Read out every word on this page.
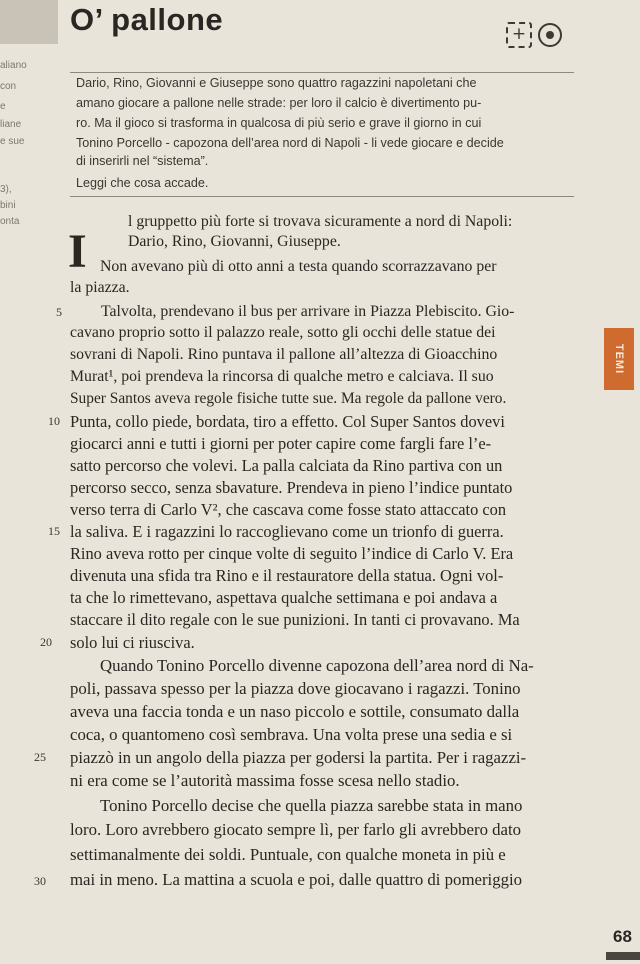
O’ pallone	+
aliano
con
e
liane
e sue
3),
bini
onta
Dario, Rino, Giovanni e Giuseppe sono quattro ragazzini napoletani che
amano giocare a pallone nelle strade: per loro il calcio è divertimento pu-
ro. Ma il gioco si trasforma in qualcosa di più serio e grave il giorno in cui
Tonino Porcello - capozona dell’area nord di Napoli - li vede giocare e decide
di inserirli nel “sistema”.
Leggi che cosa accade.
I
l gruppetto più forte si trovava sicuramente a nord di Napoli:
Dario, Rino, Giovanni, Giuseppe.
Non avevano più di otto anni a testa quando scorrazzavano per
la piazza.
Talvolta, prendevano il bus per arrivare in Piazza Plebiscito. Gio-
cavano proprio sotto il palazzo reale, sotto gli occhi delle statue dei
sovrani di Napoli. Rino puntava il pallone all’altezza di Gioacchino
Murat¹, poi prendeva la rincorsa di qualche metro e calciava. Il suo
Super Santos aveva regole fisiche tutte sue. Ma regole da pallone vero.
Punta, collo piede, bordata, tiro a effetto. Col Super Santos dovevi
giocarci anni e tutti i giorni per poter capire come fargli fare l’e-
satto percorso che volevi. La palla calciata da Rino partiva con un
percorso secco, senza sbavature. Prendeva in pieno l’indice puntato
verso terra di Carlo V², che cascava come fosse stato attaccato con
la saliva. E i ragazzini lo raccoglievano come un trionfo di guerra.
Rino aveva rotto per cinque volte di seguito l’indice di Carlo V. Era
divenuta una sfida tra Rino e il restauratore della statua. Ogni vol-
ta che lo rimettevano, aspettava qualche settimana e poi andava a
staccare il dito regale con le sue punizioni. In tanti ci provavano. Ma
solo lui ci riusciva.
Quando Tonino Porcello divenne capozona dell’area nord di Na-
poli, passava spesso per la piazza dove giocavano i ragazzi. Tonino
aveva una faccia tonda e un naso piccolo e sottile, consumato dalla
coca, o quantomeno così sembrava. Una volta prese una sedia e si
piazzò in un angolo della piazza per godersi la partita. Per i ragazzi-
ni era come se l’autorità massima fosse scesa nello stadio.
Tonino Porcello decise che quella piazza sarebbe stata in mano
loro. Loro avrebbero giocato sempre lì, per farlo gli avrebbero dato
settimanalmente dei soldi. Puntuale, con qualche moneta in più e
mai in meno. La mattina a scuola e poi, dalle quattro di pomeriggio
5
10
15
20
25
30
TEMI
68
